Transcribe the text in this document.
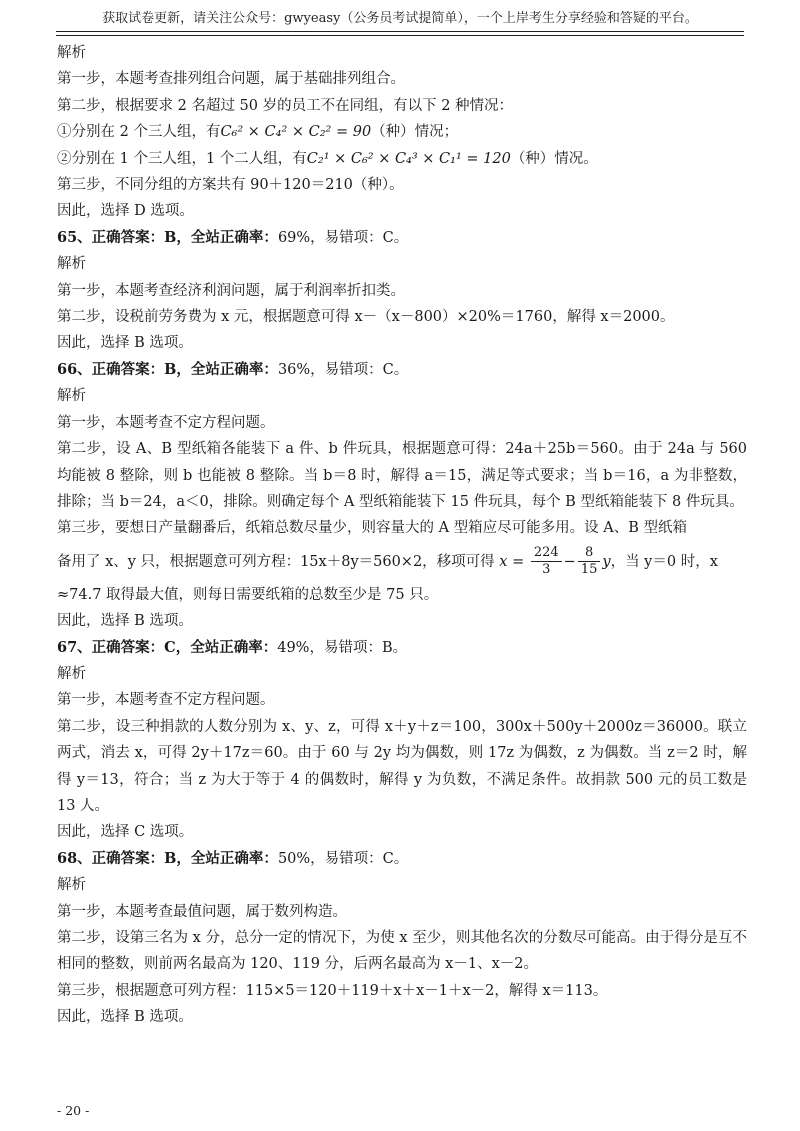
获取试卷更新，请关注公众号：gwyeasy（公务员考试提简单），一个上岸考生分享经验和答疑的平台。
解析
第一步，本题考查排列组合问题，属于基础排列组合。
第二步，根据要求 2 名超过 50 岁的员工不在同组，有以下 2 种情况：
①分别在 2 个三人组，有C₆² × C₄² × C₂² = 90（种）情况；
②分别在 1 个三人组，1 个二人组，有C₂¹ × C₆² × C₄³ × C₁¹ = 120（种）情况。
第三步，不同分组的方案共有 90＋120＝210（种）。
因此，选择 D 选项。
65、正确答案：B，全站正确率：69%，易错项：C。
解析
第一步，本题考查经济利润问题，属于利润率折扣类。
第二步，设税前劳务费为 x 元，根据题意可得 x－（x－800）×20%＝1760，解得 x＝2000。
因此，选择 B 选项。
66、正确答案：B，全站正确率：36%，易错项：C。
解析
第一步，本题考查不定方程问题。
第二步，设 A、B 型纸箱各能装下 a 件、b 件玩具，根据题意可得：24a＋25b＝560。由于 24a 与 560 均能被 8 整除，则 b 也能被 8 整除。当 b＝8 时，解得 a＝15，满足等式要求；当 b＝16，a 为非整数，排除；当 b＝24，a＜0，排除。则确定每个 A 型纸箱能装下 15 件玩具，每个 B 型纸箱能装下 8 件玩具。
第三步，要想日产量翻番后，纸箱总数尽量少，则容量大的 A 型箱应尽可能多用。设 A、B 型纸箱
备用了 x、y 只，根据题意可列方程：15x＋8y＝560×2，移项可得 $x = \frac{224}{3} - \frac{8}{15}$ y，当 y＝0 时，x
≈74.7 取得最大值，则每日需要纸箱的总数至少是 75 只。
因此，选择 B 选项。
67、正确答案：C，全站正确率：49%，易错项：B。
解析
第一步，本题考查不定方程问题。
第二步，设三种捐款的人数分别为 x、y、z，可得 x＋y＋z＝100，300x＋500y＋2000z＝36000。联立两式，消去 x，可得 2y＋17z＝60。由于 60 与 2y 均为偶数，则 17z 为偶数，z 为偶数。当 z＝2 时，解得 y＝13，符合；当 z 为大于等于 4 的偶数时，解得 y 为负数，不满足条件。故捐款 500 元的员工数是 13 人。
因此，选择 C 选项。
68、正确答案：B，全站正确率：50%，易错项：C。
解析
第一步，本题考查最值问题，属于数列构造。
第二步，设第三名为 x 分，总分一定的情况下，为使 x 至少，则其他名次的分数尽可能高。由于得分是互不相同的整数，则前两名最高为 120、119 分，后两名最高为 x－1、x－2。
第三步，根据题意可列方程：115×5＝120＋119＋x＋x－1＋x－2，解得 x＝113。
因此，选择 B 选项。
- 20 -
